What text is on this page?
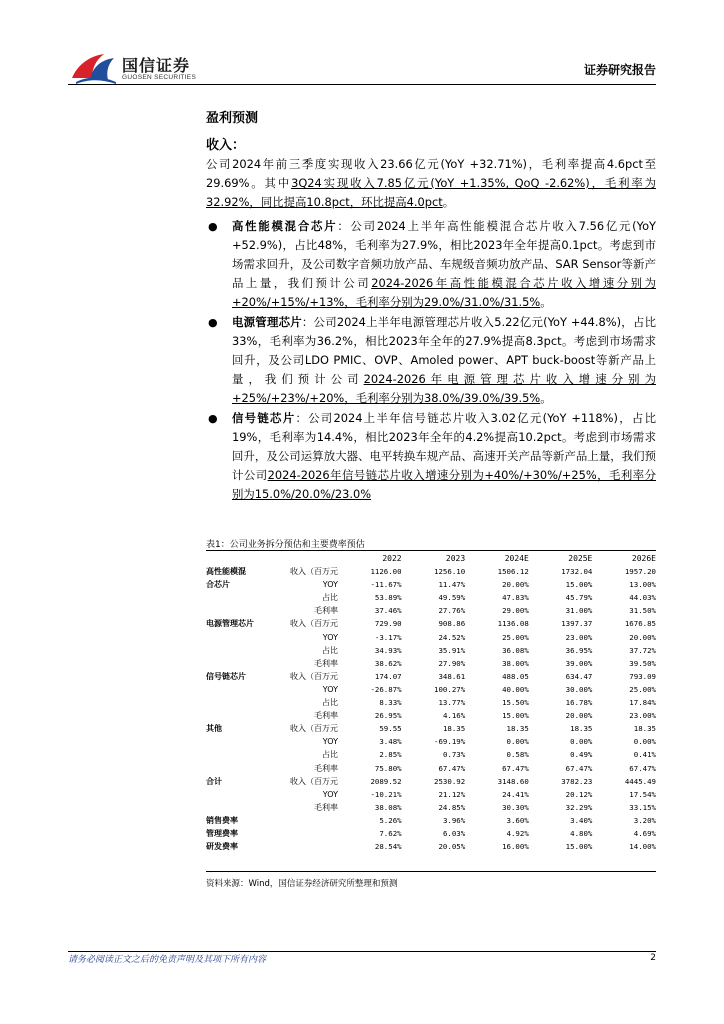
国信证券
GUOSEN SECURITIES
证券研究报告
盈利预测
收入：
公司2024年前三季度实现收入23.66亿元(YoY +32.71%)，毛利率提高4.6pct至29.69%。其中3Q24实现收入7.85亿元(YoY +1.35%, QoQ -2.62%)，毛利率为32.92%，同比提高10.8pct，环比提高4.0pct。
● 高性能模混合芯片：公司2024上半年高性能模混合芯片收入7.56亿元(YoY +52.9%)，占比48%，毛利率为27.9%，相比2023年全年提高0.1pct。考虑到市场需求回升，及公司数字音频功放产品、车规级音频功放产品、SAR Sensor等新产品上量，我们预计公司2024-2026年高性能模混合芯片收入增速分别为+20%/+15%/+13%，毛利率分别为29.0%/31.0%/31.5%。
● 电源管理芯片：公司2024上半年电源管理芯片收入5.22亿元(YoY +44.8%)，占比33%，毛利率为36.2%，相比2023年全年的27.9%提高8.3pct。考虑到市场需求回升，及公司LDO PMIC、OVP、Amoled power、APT buck-boost等新产品上量，我们预计公司2024-2026年电源管理芯片收入增速分别为+25%/+23%/+20%，毛利率分别为38.0%/39.0%/39.5%。
● 信号链芯片：公司2024上半年信号链芯片收入3.02亿元(YoY +118%)，占比19%，毛利率为14.4%，相比2023年全年的4.2%提高10.2pct。考虑到市场需求回升，及公司运算放大器、电平转换车规产品、高速开关产品等新产品上量，我们预计公司2024-2026年信号链芯片收入增速分别为+40%/+30%/+25%，毛利率分别为15.0%/20.0%/23.0%
表1：公司业务拆分预估和主要费率预估
		2022	2023	2024E	2025E	2026E
高性能模混	收入（百万元	1126.00	1256.10	1506.12	1732.04	1957.20
合芯片	YOY	-11.67%	11.47%	20.00%	15.00%	13.00%
	占比	53.89%	49.59%	47.83%	45.79%	44.03%
	毛利率	37.46%	27.76%	29.00%	31.00%	31.50%
电源管理芯片	收入（百万元	729.90	908.86	1136.08	1397.37	1676.85
	YOY	-3.17%	24.52%	25.00%	23.00%	20.00%
	占比	34.93%	35.91%	36.08%	36.95%	37.72%
	毛利率	38.62%	27.90%	38.00%	39.00%	39.50%
信号链芯片	收入（百万元	174.07	348.61	488.05	634.47	793.09
	YOY	-26.87%	100.27%	40.00%	30.00%	25.00%
	占比	8.33%	13.77%	15.50%	16.78%	17.84%
	毛利率	26.95%	4.16%	15.00%	20.00%	23.00%
其他	收入（百万元	59.55	18.35	18.35	18.35	18.35
	YOY	3.48%	-69.19%	0.00%	0.00%	0.00%
	占比	2.85%	0.73%	0.58%	0.49%	0.41%
	毛利率	75.80%	67.47%	67.47%	67.47%	67.47%
合计	收入（百万元	2089.52	2530.92	3148.60	3782.23	4445.49
	YOY	-10.21%	21.12%	24.41%	20.12%	17.54%
	毛利率	38.08%	24.85%	30.30%	32.29%	33.15%
销售费率		5.26%	3.96%	3.60%	3.40%	3.20%
管理费率		7.62%	6.03%	4.92%	4.80%	4.69%
研发费率		28.54%	20.05%	16.00%	15.00%	14.00%
资料来源：Wind，国信证券经济研究所整理和预测
请务必阅读正文之后的免责声明及其项下所有内容	2
